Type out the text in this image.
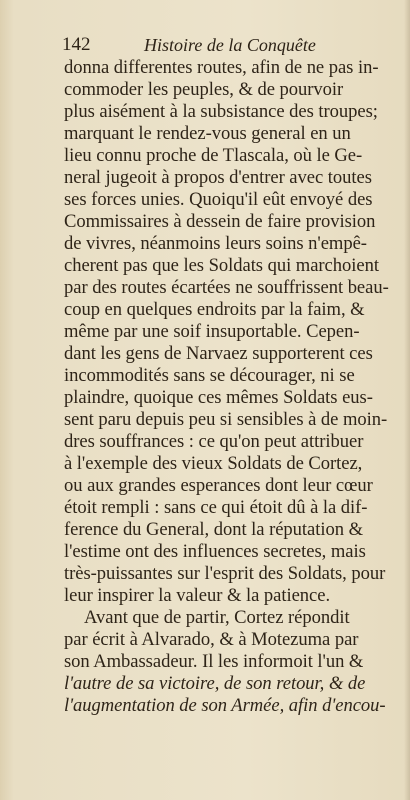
142	Histoire de la Conquête
donna differentes routes, afin de ne pas in-
commoder les peuples, & de pourvoir
plus aisément à la subsistance des troupes;
marquant le rendez-vous general en un
lieu connu proche de Tlascala, où le Ge-
neral jugeoit à propos d'entrer avec toutes
ses forces unies. Quoiqu'il eût envoyé des
Commissaires à dessein de faire provision
de vivres, néanmoins leurs soins n'empê-
cherent pas que les Soldats qui marchoient
par des routes écartées ne souffrissent beau-
coup en quelques endroits par la faim, &
même par une soif insuportable. Cepen-
dant les gens de Narvaez supporterent ces
incommodités sans se décourager, ni se
plaindre, quoique ces mêmes Soldats eus-
sent paru depuis peu si sensibles à de moin-
dres souffrances : ce qu'on peut attribuer
à l'exemple des vieux Soldats de Cortez,
ou aux grandes esperances dont leur cœur
étoit rempli : sans ce qui étoit dû à la dif-
ference du General, dont la réputation &
l'estime ont des influences secretes, mais
très-puissantes sur l'esprit des Soldats, pour
leur inspirer la valeur & la patience.
Avant que de partir, Cortez répondit
par écrit à Alvarado, & à Motezuma par
son Ambassadeur. Il les informoit l'un &
l'autre de sa victoire, de son retour, & de
l'augmentation de son Armée, afin d'encou-
